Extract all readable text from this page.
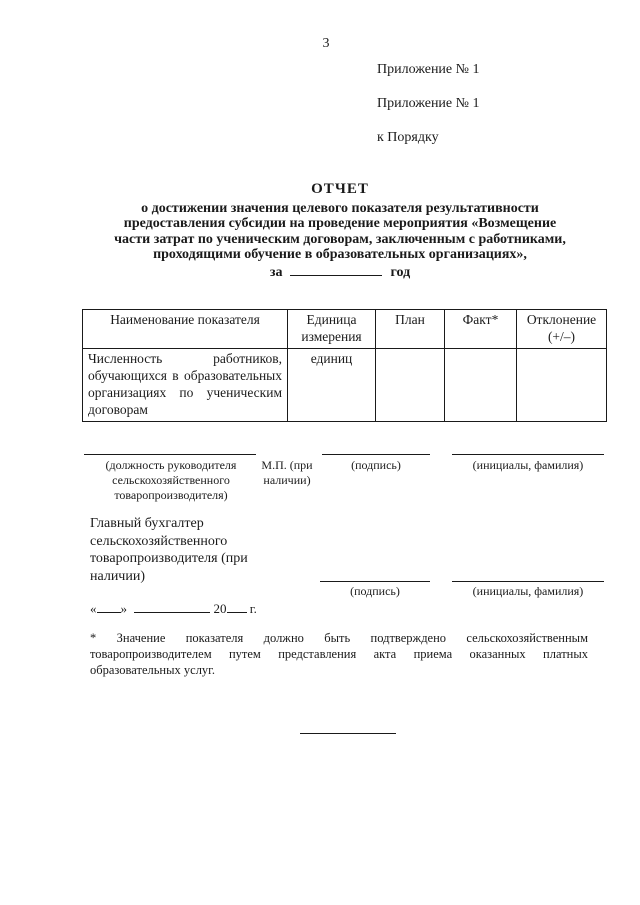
3
Приложение № 1
Приложение № 1
к Порядку
ОТЧЕТ
о достижении значения целевого показателя результативности
предоставления субсидии на проведение мероприятия «Возмещение
части затрат по ученическим договорам, заключенным с работниками,
проходящими обучение в образовательных организациях»,
за	год
Наименование показателя	Единица измерения	План	Факт*	Отклонение (+/–)
Численность работников, обучающихся в образовательных организациях по ученическим договорам	единиц			
(должность руководителя сельскохозяйственного товаропроизводителя)
М.П. (при наличии)
(подпись)	(инициалы, фамилия)
Главный бухгалтер сельскохозяйственного товаропроизводителя (при наличии)
(подпись)	(инициалы, фамилия)
« »	20 г.
* Значение показателя должно быть подтверждено сельскохозяйственным товаропроизводителем путем представления акта приема оказанных платных образовательных услуг.
